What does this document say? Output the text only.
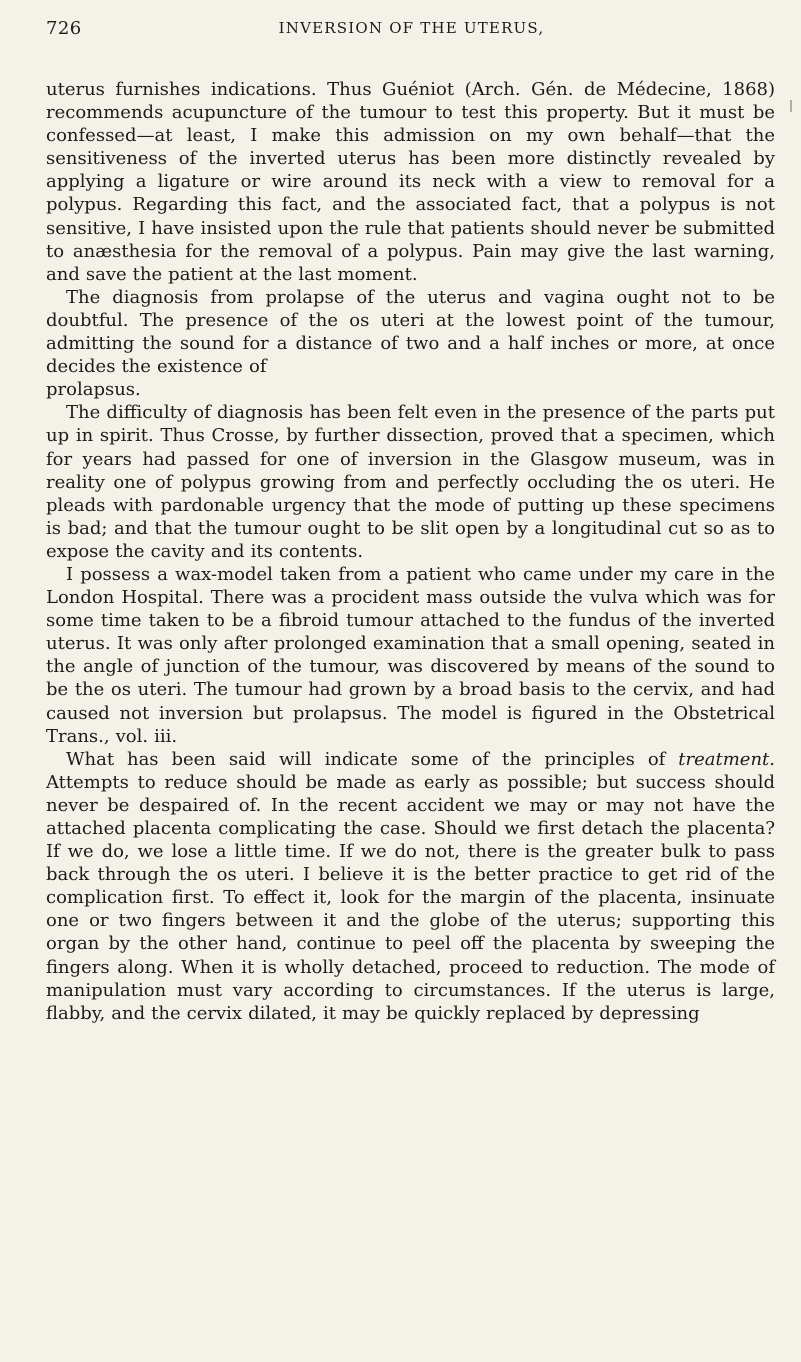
726	INVERSION OF THE UTERUS,

uterus furnishes indications. Thus Guéniot (Arch. Gén. de Médecine, 1868) recommends acupuncture of the tumour to test this property. But it must be confessed—at least, I make this admission on my own behalf—that the sensitiveness of the inverted uterus has been more distinctly revealed by applying a ligature or wire around its neck with a view to removal for a polypus. Regarding this fact, and the associated fact, that a polypus is not sensitive, I have insisted upon the rule that patients should never be submitted to anæsthesia for the removal of a polypus. Pain may give the last warning, and save the patient at the last moment.

The diagnosis from prolapse of the uterus and vagina ought not to be doubtful. The presence of the os uteri at the lowest point of the tumour, admitting the sound for a distance of two and a half inches or more, at once decides the existence of

prolapsus.

The difficulty of diagnosis has been felt even in the presence of the parts put up in spirit. Thus Crosse, by further dissection, proved that a specimen, which for years had passed for one of inversion in the Glasgow museum, was in reality one of polypus growing from and perfectly occluding the os uteri. He pleads with pardonable urgency that the mode of putting up these specimens is bad; and that the tumour ought to be slit open by a longitudinal cut so as to expose the cavity and its contents.

I possess a wax-model taken from a patient who came under my care in the London Hospital. There was a procident mass outside the vulva which was for some time taken to be a fibroid tumour attached to the fundus of the inverted uterus. It was only after prolonged examination that a small opening, seated in the angle of junction of the tumour, was discovered by means of the sound to be the os uteri. The tumour had grown by a broad basis to the cervix, and had caused not inversion but prolapsus. The model is figured in the Obstetrical Trans., vol. iii.

What has been said will indicate some of the principles of treatment. Attempts to reduce should be made as early as possible; but success should never be despaired of. In the recent accident we may or may not have the attached placenta complicating the case. Should we first detach the placenta? If we do, we lose a little time. If we do not, there is the greater bulk to pass back through the os uteri. I believe it is the better practice to get rid of the complication first. To effect it, look for the margin of the placenta, insinuate one or two fingers between it and the globe of the uterus; supporting this organ by the other hand, continue to peel off the placenta by sweeping the fingers along. When it is wholly detached, proceed to reduction. The mode of manipulation must vary according to circumstances. If the uterus is large, flabby, and the cervix dilated, it may be quickly replaced by depressing
